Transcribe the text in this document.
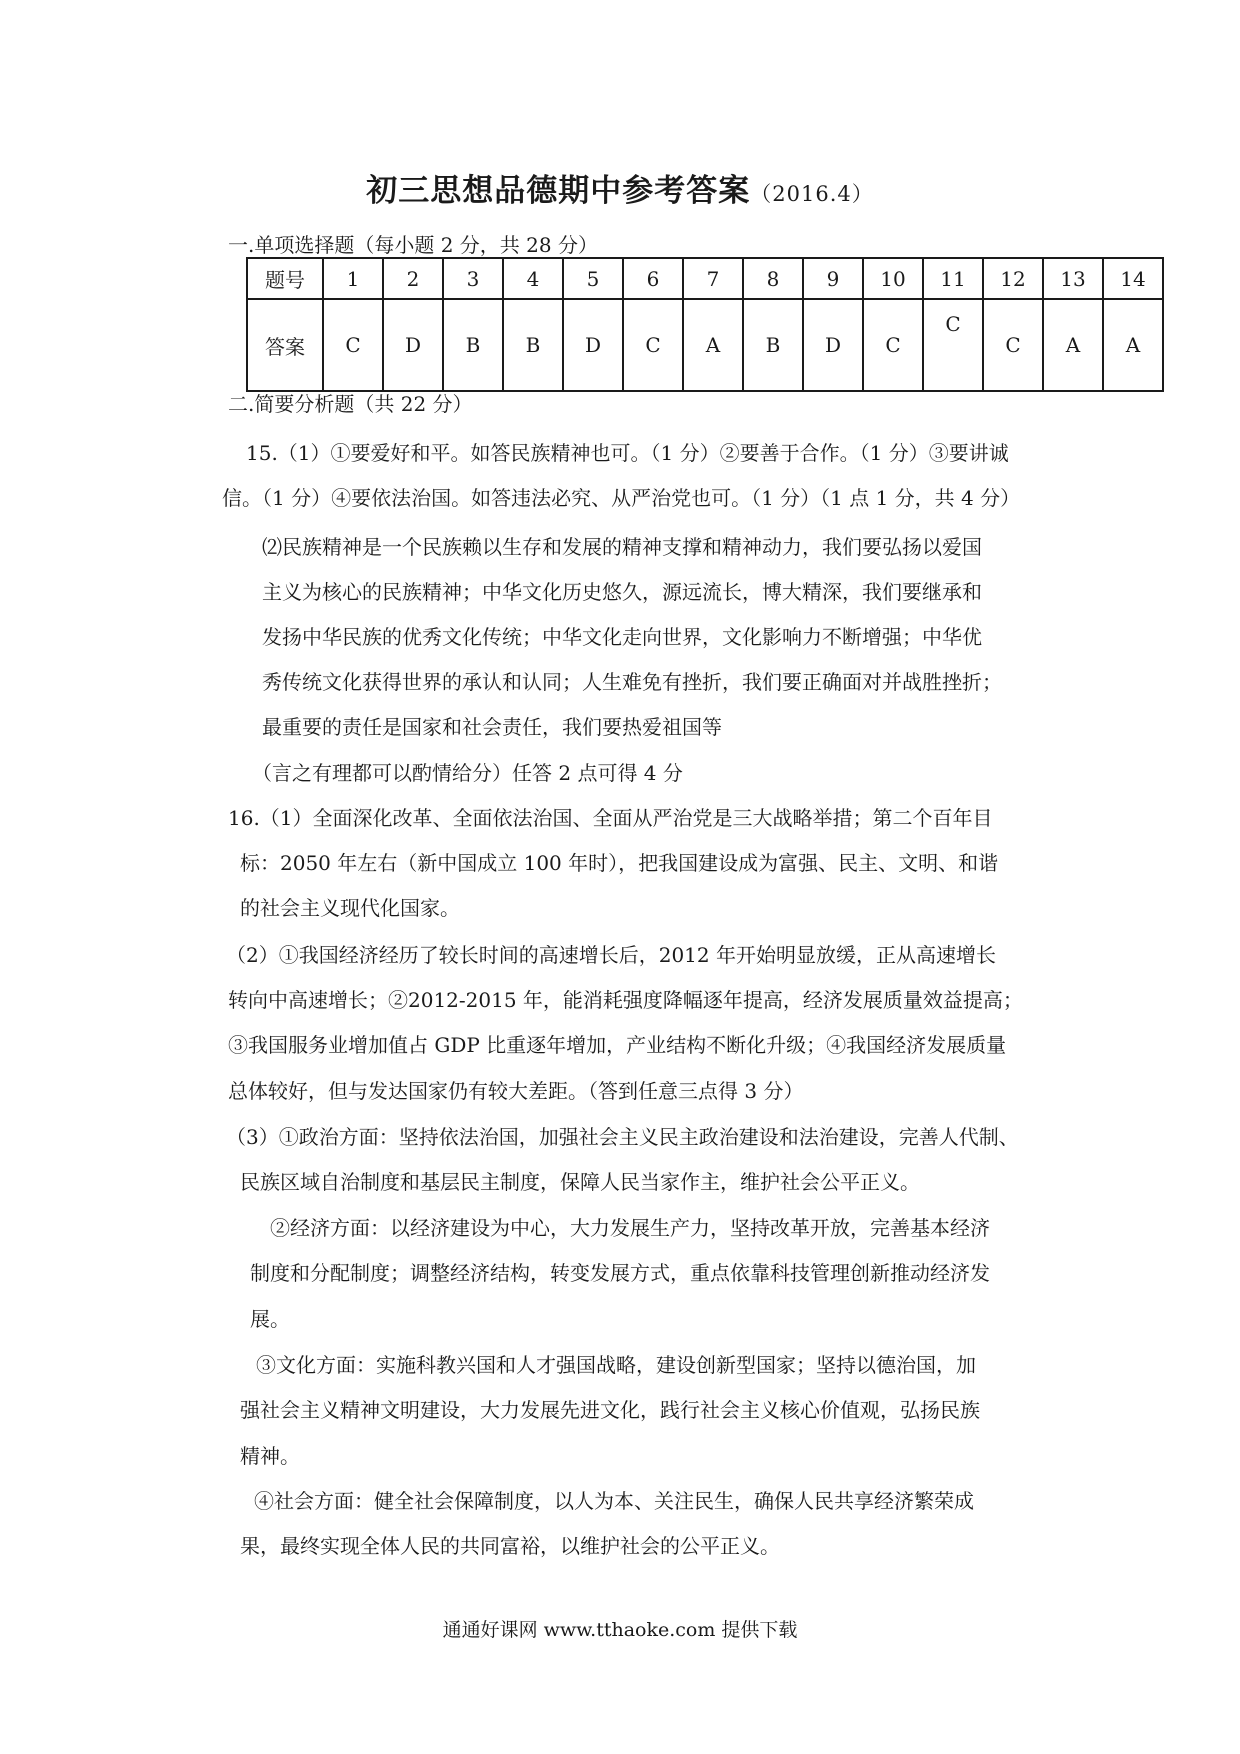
初三思想品德期中参考答案（2016.4）
一.单项选择题（每小题 2 分，共 28 分）
题号	1	2	3	4	5	6	7	8	9	10	11	12	13	14
答案	C	D	B	B	D	C	A	B	D	C	C	C	A	A
二.简要分析题（共 22 分）
15.（1）①要爱好和平。如答民族精神也可。（1 分）②要善于合作。（1 分）③要讲诚
信。（1 分）④要依法治国。如答违法必究、从严治党也可。（1 分）（1 点 1 分，共 4 分）
⑵民族精神是一个民族赖以生存和发展的精神支撑和精神动力，我们要弘扬以爱国
主义为核心的民族精神；中华文化历史悠久，源远流长，博大精深，我们要继承和
发扬中华民族的优秀文化传统；中华文化走向世界，文化影响力不断增强；中华优
秀传统文化获得世界的承认和认同；人生难免有挫折，我们要正确面对并战胜挫折；
最重要的责任是国家和社会责任，我们要热爱祖国等
（言之有理都可以酌情给分）任答 2 点可得 4 分
16.（1）全面深化改革、全面依法治国、全面从严治党是三大战略举措；第二个百年目
标：2050 年左右（新中国成立 100 年时），把我国建设成为富强、民主、文明、和谐
的社会主义现代化国家。
（2）①我国经济经历了较长时间的高速增长后，2012 年开始明显放缓，正从高速增长
转向中高速增长；②2012-2015 年，能消耗强度降幅逐年提高，经济发展质量效益提高；
③我国服务业增加值占 GDP 比重逐年增加，产业结构不断化升级；④我国经济发展质量
总体较好，但与发达国家仍有较大差距。（答到任意三点得 3 分）
（3）①政治方面：坚持依法治国，加强社会主义民主政治建设和法治建设，完善人代制、
民族区域自治制度和基层民主制度，保障人民当家作主，维护社会公平正义。
②经济方面：以经济建设为中心，大力发展生产力，坚持改革开放，完善基本经济
制度和分配制度；调整经济结构，转变发展方式，重点依靠科技管理创新推动经济发
展。
③文化方面：实施科教兴国和人才强国战略，建设创新型国家；坚持以德治国，加
强社会主义精神文明建设，大力发展先进文化，践行社会主义核心价值观，弘扬民族
精神。
④社会方面：健全社会保障制度，以人为本、关注民生，确保人民共享经济繁荣成
果，最终实现全体人民的共同富裕，以维护社会的公平正义。
通通好课网 www.tthaoke.com 提供下载
